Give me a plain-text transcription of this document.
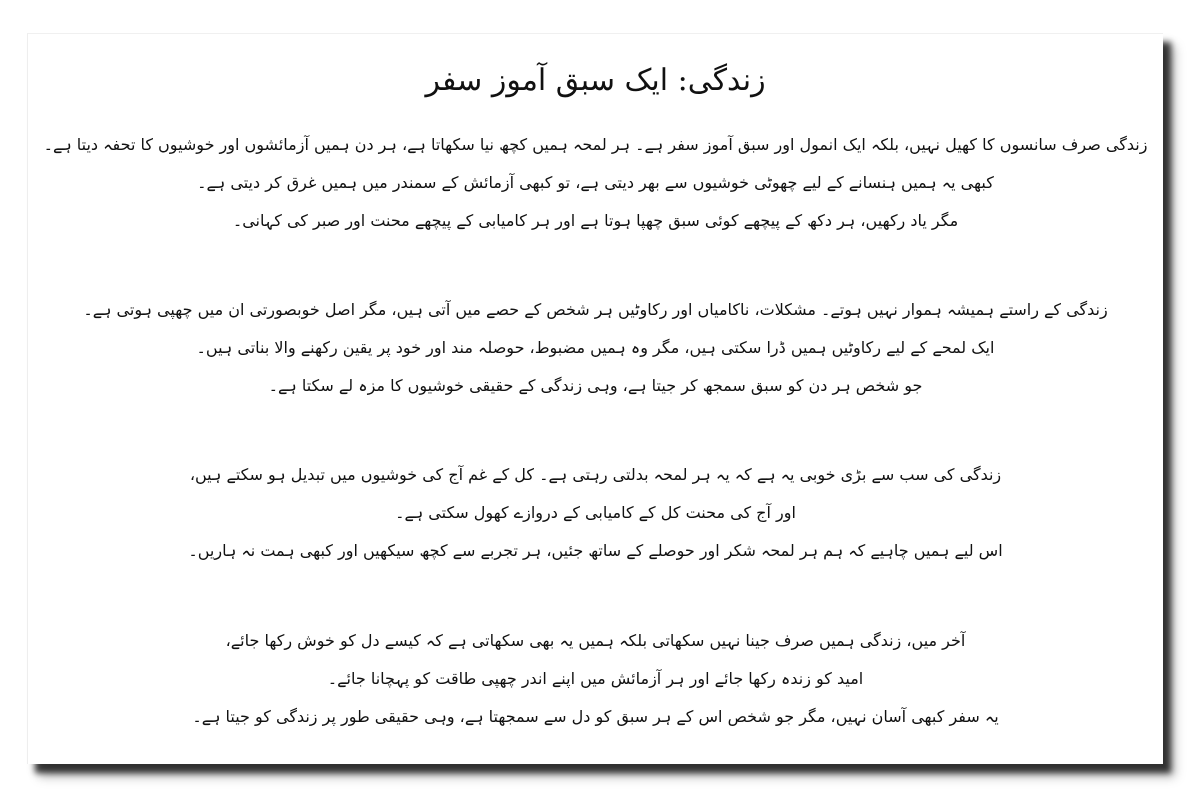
زندگی: ایک سبق آموز سفر
زندگی صرف سانسوں کا کھیل نہیں، بلکہ ایک انمول اور سبق آموز سفر ہے۔ ہر لمحہ ہمیں کچھ نیا سکھاتا ہے، ہر دن ہمیں آزمائشوں اور خوشیوں کا تحفہ دیتا ہے۔
کبھی یہ ہمیں ہنسانے کے لیے چھوٹی خوشیوں سے بھر دیتی ہے، تو کبھی آزمائش کے سمندر میں ہمیں غرق کر دیتی ہے۔
مگر یاد رکھیں، ہر دکھ کے پیچھے کوئی سبق چھپا ہوتا ہے اور ہر کامیابی کے پیچھے محنت اور صبر کی کہانی۔
زندگی کے راستے ہمیشہ ہموار نہیں ہوتے۔ مشکلات، ناکامیاں اور رکاوٹیں ہر شخص کے حصے میں آتی ہیں، مگر اصل خوبصورتی ان میں چھپی ہوتی ہے۔
ایک لمحے کے لیے رکاوٹیں ہمیں ڈرا سکتی ہیں، مگر وہ ہمیں مضبوط، حوصلہ مند اور خود پر یقین رکھنے والا بناتی ہیں۔
جو شخص ہر دن کو سبق سمجھ کر جیتا ہے، وہی زندگی کے حقیقی خوشیوں کا مزہ لے سکتا ہے۔
زندگی کی سب سے بڑی خوبی یہ ہے کہ یہ ہر لمحہ بدلتی رہتی ہے۔ کل کے غم آج کی خوشیوں میں تبدیل ہو سکتے ہیں،
اور آج کی محنت کل کے کامیابی کے دروازے کھول سکتی ہے۔
اس لیے ہمیں چاہیے کہ ہم ہر لمحہ شکر اور حوصلے کے ساتھ جئیں، ہر تجربے سے کچھ سیکھیں اور کبھی ہمت نہ ہاریں۔
آخر میں، زندگی ہمیں صرف جینا نہیں سکھاتی بلکہ ہمیں یہ بھی سکھاتی ہے کہ کیسے دل کو خوش رکھا جائے،
امید کو زندہ رکھا جائے اور ہر آزمائش میں اپنے اندر چھپی طاقت کو پہچانا جائے۔
یہ سفر کبھی آسان نہیں، مگر جو شخص اس کے ہر سبق کو دل سے سمجھتا ہے، وہی حقیقی طور پر زندگی کو جیتا ہے۔
